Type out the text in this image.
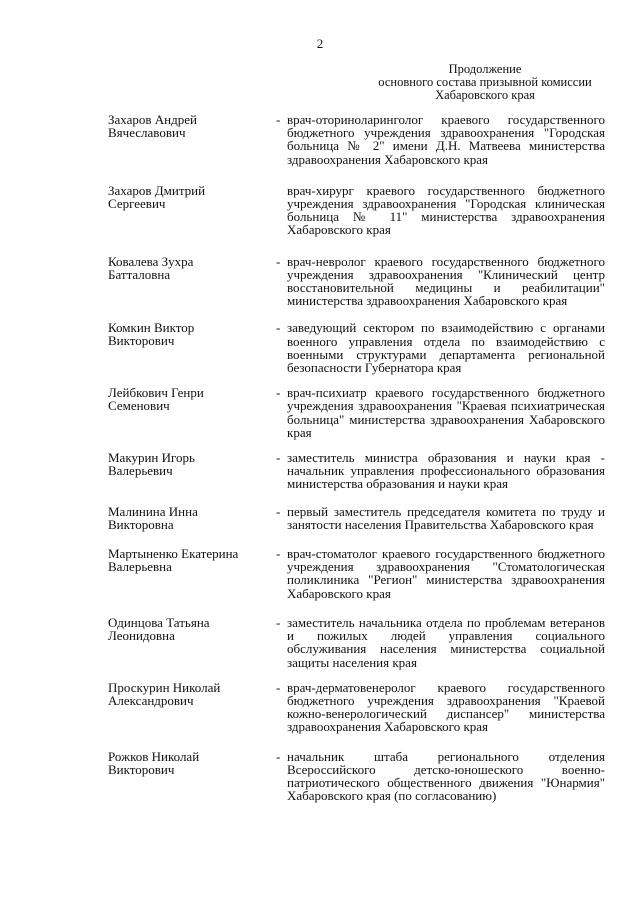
2
Продолжение
основного состава призывной комиссии
Хабаровского края
Захаров Андрей
Вячеславович
- врач-оториноларинголог краевого государственного бюджетного учреждения здравоохранения "Городская больница № 2" имени Д.Н. Матвеева министерства здравоохранения Хабаровского края
Захаров Дмитрий
Сергеевич
врач-хирург краевого государственного бюджетного учреждения здравоохранения "Городская клиническая больница № 11" министерства здравоохранения Хабаровского края
Ковалева Зухра
Батталовна
- врач-невролог краевого государственного бюджетного учреждения здравоохранения "Клинический центр восстановительной медицины и реабилитации" министерства здравоохранения Хабаровского края
Комкин Виктор
Викторович
- заведующий сектором по взаимодействию с органами военного управления отдела по взаимодействию с военными структурами департамента региональной безопасности Губернатора края
Лейбкович Генри
Семенович
- врач-психиатр краевого государственного бюджетного учреждения здравоохранения "Краевая психиатрическая больница" министерства здравоохранения Хабаровского края
Макурин Игорь
Валерьевич
- заместитель министра образования и науки края - начальник управления профессионального образования министерства образования и науки края
Малинина Инна
Викторовна
- первый заместитель председателя комитета по труду и занятости населения Правительства Хабаровского края
Мартыненко Екатерина
Валерьевна
- врач-стоматолог краевого государственного бюджетного учреждения здравоохранения "Стоматологическая поликлиника "Регион" министерства здравоохранения Хабаровского края
Одинцова Татьяна
Леонидовна
- заместитель начальника отдела по проблемам ветеранов и пожилых людей управления социального обслуживания населения министерства социальной защиты населения края
Проскурин Николай
Александрович
- врач-дерматовенеролог краевого государственного бюджетного учреждения здравоохранения "Краевой кожно-венерологический диспансер" министерства здравоохранения Хабаровского края
Рожков Николай
Викторович
- начальник штаба регионального отделения Всероссийского детско-юношеского военно-патриотического общественного движения "Юнармия" Хабаровского края (по согласованию)
